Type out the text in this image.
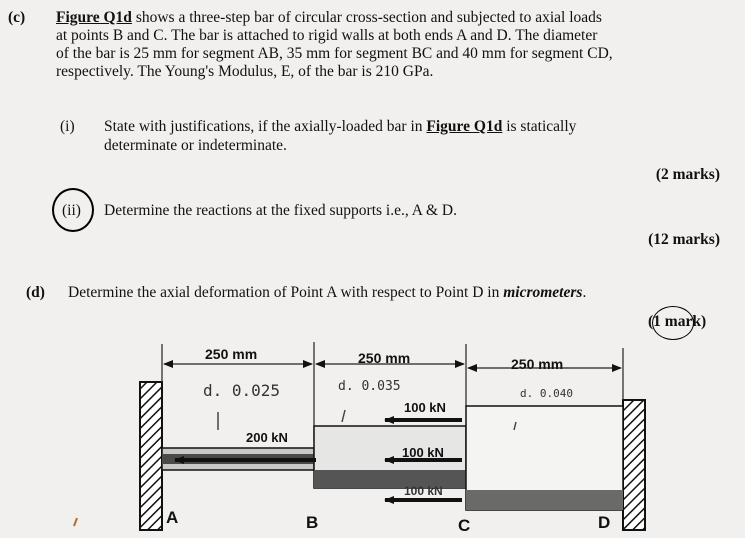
(c) Figure Q1d shows a three-step bar of circular cross-section and subjected to axial loads
at points B and C. The bar is attached to rigid walls at both ends A and D. The diameter
of the bar is 25 mm for segment AB, 35 mm for segment BC and 40 mm for segment CD,
respectively. The Young's Modulus, E, of the bar is 210 GPa.
(i) State with justifications, if the axially-loaded bar in Figure Q1d is statically
determinate or indeterminate.
(2 marks)
(ii) Determine the reactions at the fixed supports i.e., A & D.
(12 marks)
(d) Determine the axial deformation of Point A with respect to Point D in micrometers.
(1 mark)
250 mm	250 mm	250 mm
d. 0.025	d. 0.035	d. 0.040
200 kN
100 kN
100 kN
100 kN
A	B	C	D
